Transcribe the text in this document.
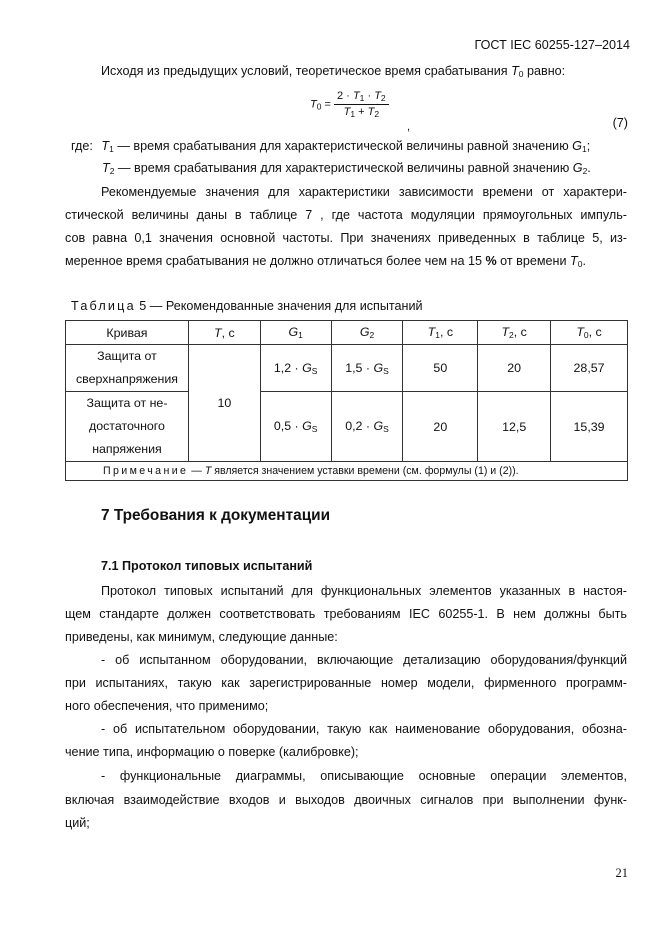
ГОСТ IEC 60255-127–2014
Исходя из предыдущих условий, теоретическое время срабатывания $T_0$ равно:
$T_0 = \frac{2 \cdot T_1 \cdot T_2}{T_1 + T_2}$
,	(7)
где: $T_1$ — время срабатывания для характеристической величины равной значению $G_1$;
$T_2$ — время срабатывания для характеристической величины равной значению $G_2$.
Рекомендуемые значения для характеристики зависимости времени от характери-
стической величины даны в таблице 7 , где частота модуляции прямоугольных импуль-
сов равна 0,1 значения основной частоты. При значениях приведенных в таблице 5, из-
меренное время срабатывания не должно отличаться более чем на 15 % от времени $T_0$.
Таблица 5 — Рекомендованные значения для испытаний
Кривая	T, с	$G_1$	$G_2$	$T_1$, с	$T_2$, с	$T_0$, с

Защита от
сверхнапряжения	10	$1,2 \cdot G_S$	$1,5 \cdot G_S$	50	20	28,57

Защита от не-
достаточного
напряжения		$0,5 \cdot G_S$	$0,2 \cdot G_S$	20	12,5	15,39
Примечание — T является значением уставки времени (см. формулы (1) и (2)).						
7 Требования к документации
7.1 Протокол типовых испытаний
Протокол типовых испытаний для функциональных элементов указанных в настоя-
щем стандарте должен соответствовать требованиям IEC 60255-1. В нем должны быть
приведены, как минимум, следующие данные:
- об испытанном оборудовании, включающие детализацию оборудования/функций
при испытаниях, такую как зарегистрированные номер модели, фирменного программ-
ного обеспечения, что применимо;
- об испытательном оборудовании, такую как наименование оборудования, обозна-
чение типа, информацию о поверке (калибровке);
- функциональные диаграммы, описывающие основные операции элементов,
включая взаимодействие входов и выходов двоичных сигналов при выполнении функ-
ций;
21
